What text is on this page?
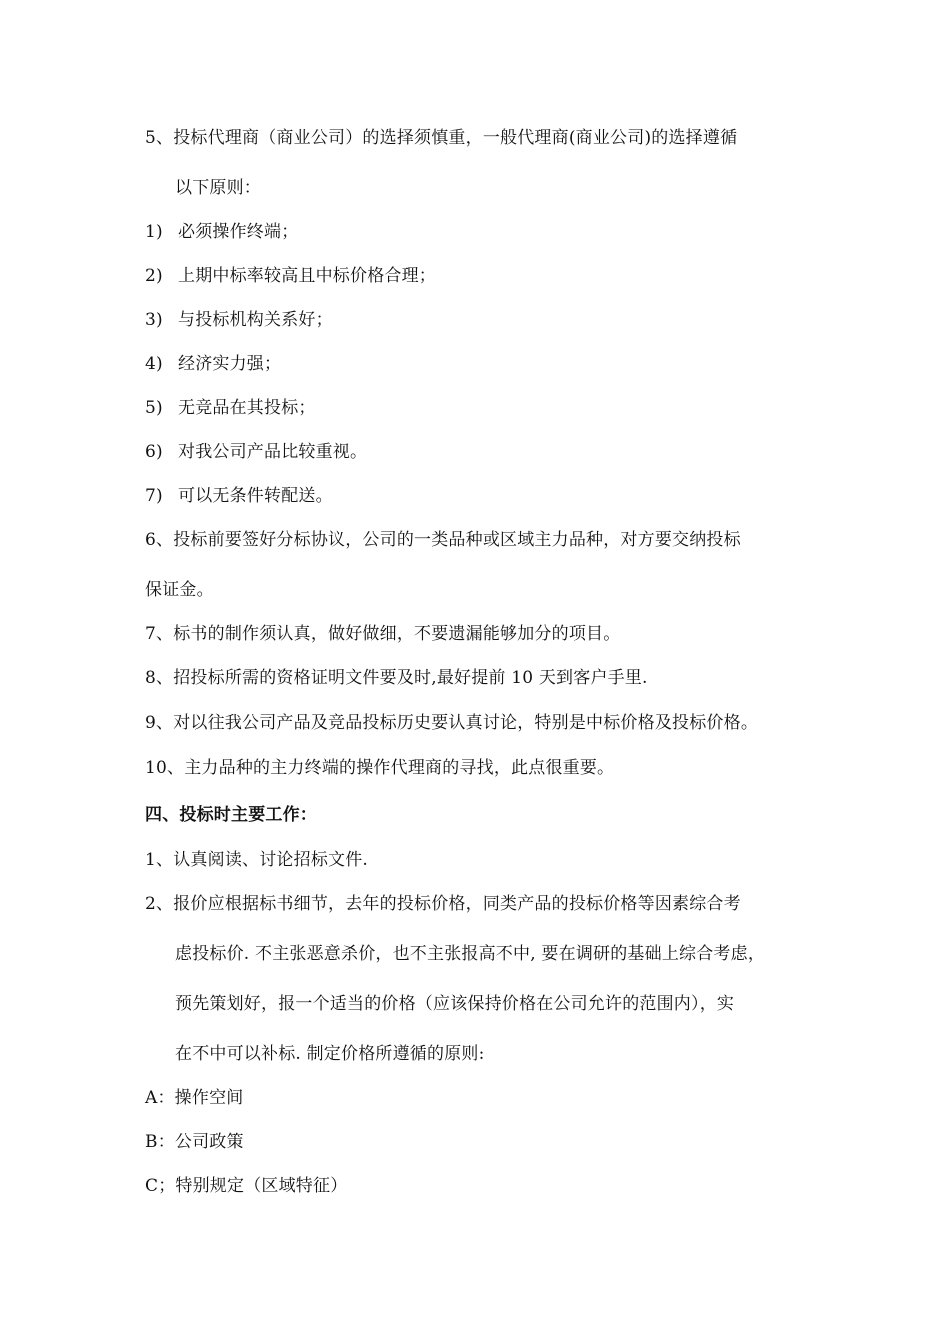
5、投标代理商（商业公司）的选择须慎重，一般代理商(商业公司)的选择遵循
以下原则：
1) 必须操作终端；
2) 上期中标率较高且中标价格合理；
3) 与投标机构关系好；
4) 经济实力强；
5) 无竞品在其投标；
6) 对我公司产品比较重视。
7) 可以无条件转配送。
6、投标前要签好分标协议，公司的一类品种或区域主力品种，对方要交纳投标
保证金。
7、标书的制作须认真，做好做细，不要遗漏能够加分的项目。
8、招投标所需的资格证明文件要及时,最好提前 10 天到客户手里.
9、对以往我公司产品及竞品投标历史要认真讨论，特别是中标价格及投标价格。
10、主力品种的主力终端的操作代理商的寻找，此点很重要。
四、投标时主要工作：
1、认真阅读、讨论招标文件.
2、报价应根据标书细节，去年的投标价格，同类产品的投标价格等因素综合考
虑投标价. 不主张恶意杀价，也不主张报高不中, 要在调研的基础上综合考虑，
预先策划好，报一个适当的价格（应该保持价格在公司允许的范围内），实
在不中可以补标. 制定价格所遵循的原则:
A：操作空间
B：公司政策
C；特别规定（区域特征）
